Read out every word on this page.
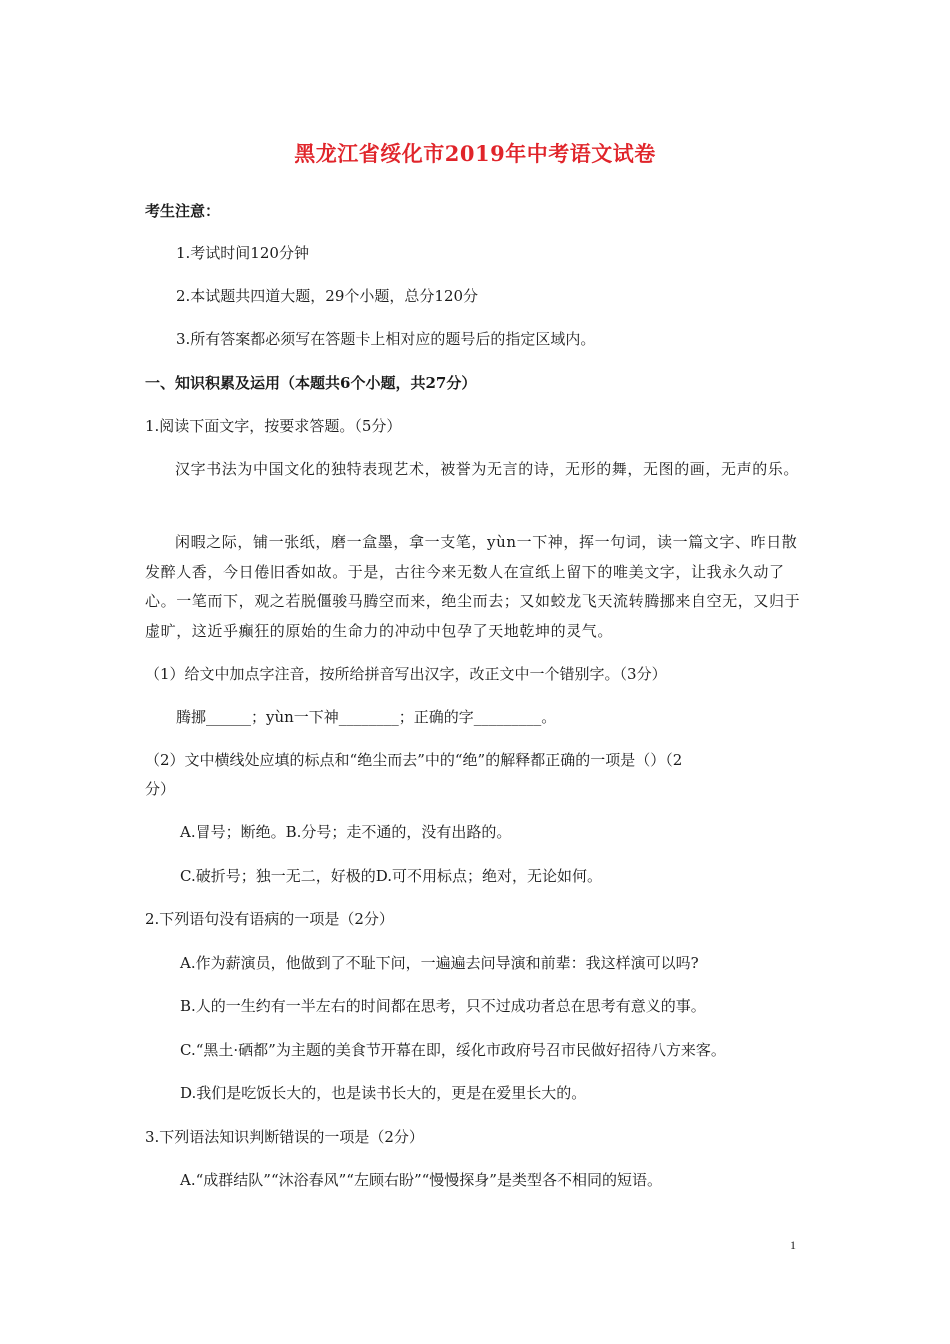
黑龙江省绥化市2019年中考语文试卷
考生注意：
1.考试时间120分钟
2.本试题共四道大题，29个小题，总分120分
3.所有答案都必须写在答题卡上相对应的题号后的指定区域内。
一、知识积累及运用（本题共6个小题，共27分）
1.阅读下面文字，按要求答题。（5分）
汉字书法为中国文化的独特表现艺术，被誉为无言的诗，无形的舞，无图的画，无声的乐。
闲暇之际，铺一张纸，磨一盒墨，拿一支笔，yùn一下神，挥一句词，读一篇文字、昨日散发醉人香，今日倦旧香如故。于是，古往今来无数人在宣纸上留下的唯美文字，让我永久动了心。一笔而下，观之若脱僵骏马腾空而来，绝尘而去；又如蛟龙飞天流转腾挪来自空无，又归于虚旷，这近乎癫狂的原始的生命力的冲动中包孕了天地乾坤的灵气。
（1）给文中加点字注音，按所给拼音写出汉字，改正文中一个错别字。（3分）
腾挪______；yùn一下神________；正确的字_________。
（2）文中横线处应填的标点和“绝尘而去”中的“绝”的解释都正确的一项是（）（2
分）
A.冒号；断绝。B.分号；走不通的，没有出路的。
C.破折号；独一无二，好极的D.可不用标点；绝对，无论如何。
2.下列语句没有语病的一项是（2分）
A.作为薪演员，他做到了不耻下问，一遍遍去问导演和前辈：我这样演可以吗?
B.人的一生约有一半左右的时间都在思考，只不过成功者总在思考有意义的事。
C.“黑土·硒都”为主题的美食节开幕在即，绥化市政府号召市民做好招待八方来客。
D.我们是吃饭长大的，也是读书长大的，更是在爱里长大的。
3.下列语法知识判断错误的一项是（2分）
A.“成群结队”“沐浴春风”“左顾右盼”“慢慢探身”是类型各不相同的短语。
1
